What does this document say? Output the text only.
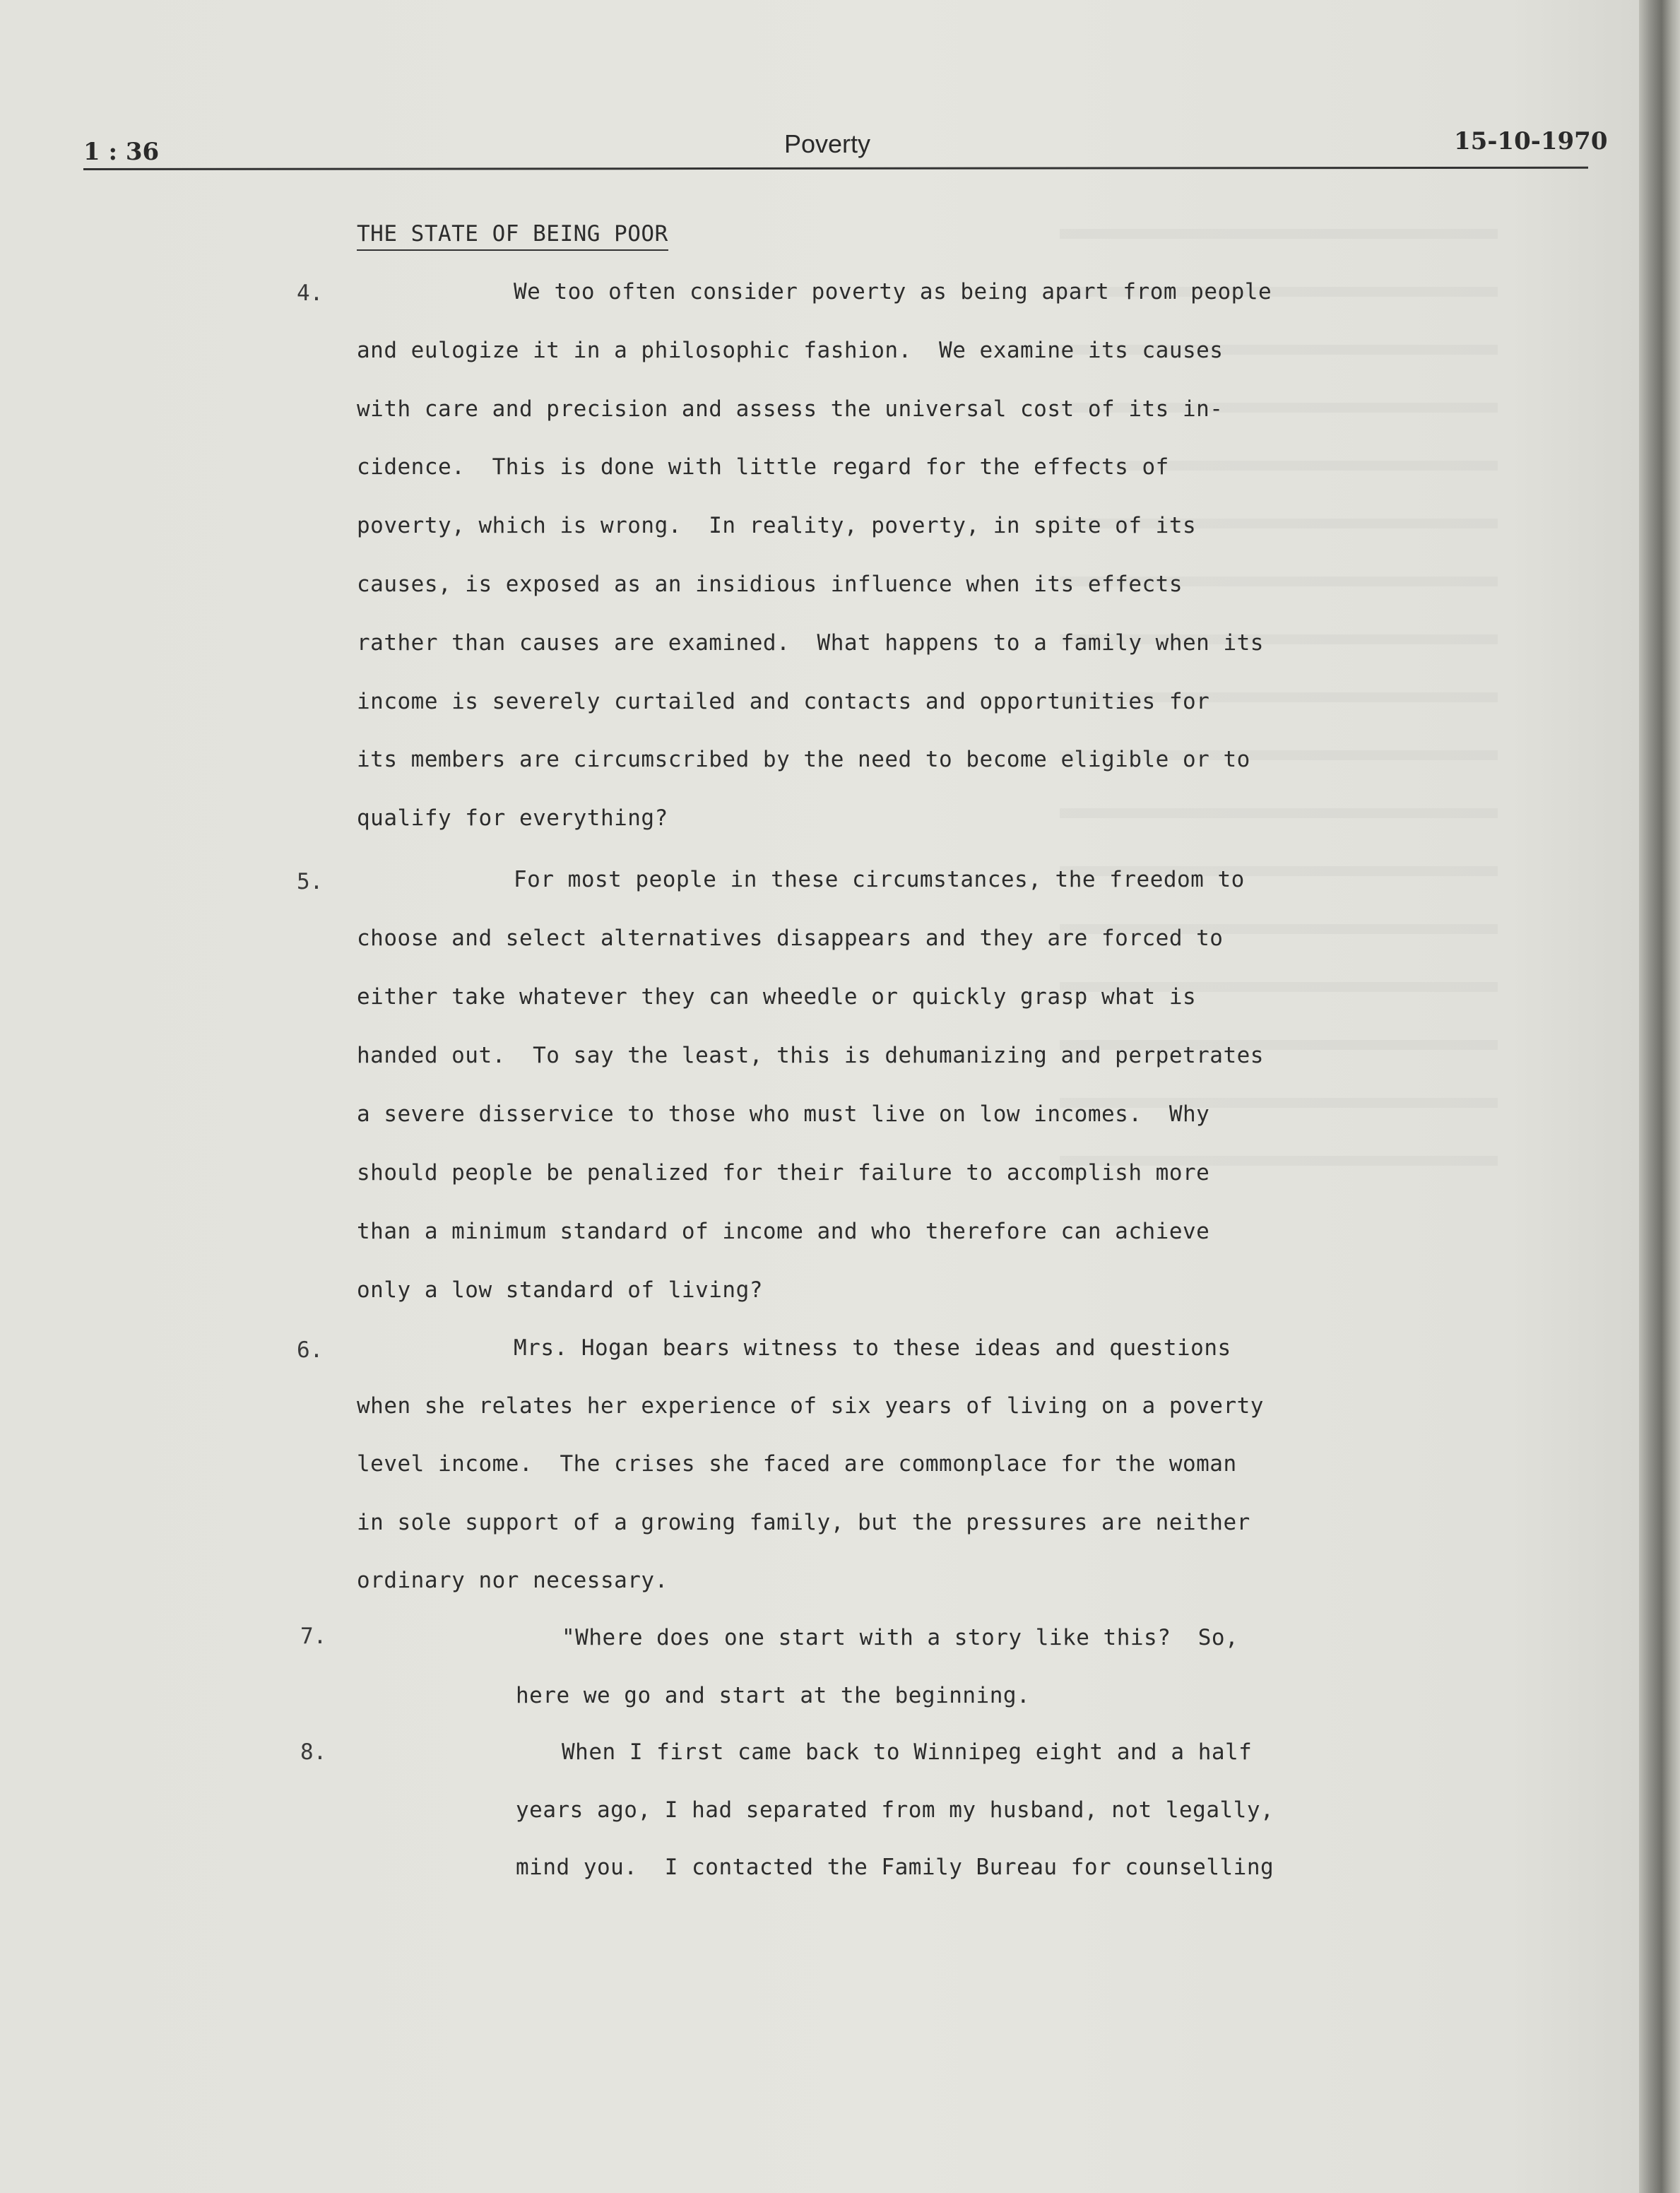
1 : 36	Poverty	15-10-1970
THE STATE OF BEING POOR
4.	We too often consider poverty as being apart from people
and eulogize it in a philosophic fashion.  We examine its causes
with care and precision and assess the universal cost of its in-
cidence.  This is done with little regard for the effects of
poverty, which is wrong.  In reality, poverty, in spite of its
causes, is exposed as an insidious influence when its effects
rather than causes are examined.  What happens to a family when its
income is severely curtailed and contacts and opportunities for
its members are circumscribed by the need to become eligible or to
qualify for everything?
5.	For most people in these circumstances, the freedom to
choose and select alternatives disappears and they are forced to
either take whatever they can wheedle or quickly grasp what is
handed out.  To say the least, this is dehumanizing and perpetrates
a severe disservice to those who must live on low incomes.  Why
should people be penalized for their failure to accomplish more
than a minimum standard of income and who therefore can achieve
only a low standard of living?
6.	Mrs. Hogan bears witness to these ideas and questions
when she relates her experience of six years of living on a poverty
level income.  The crises she faced are commonplace for the woman
in sole support of a growing family, but the pressures are neither
ordinary nor necessary.
7.	"Where does one start with a story like this?  So,
here we go and start at the beginning.
8.	When I first came back to Winnipeg eight and a half
years ago, I had separated from my husband, not legally,
mind you.  I contacted the Family Bureau for counselling
